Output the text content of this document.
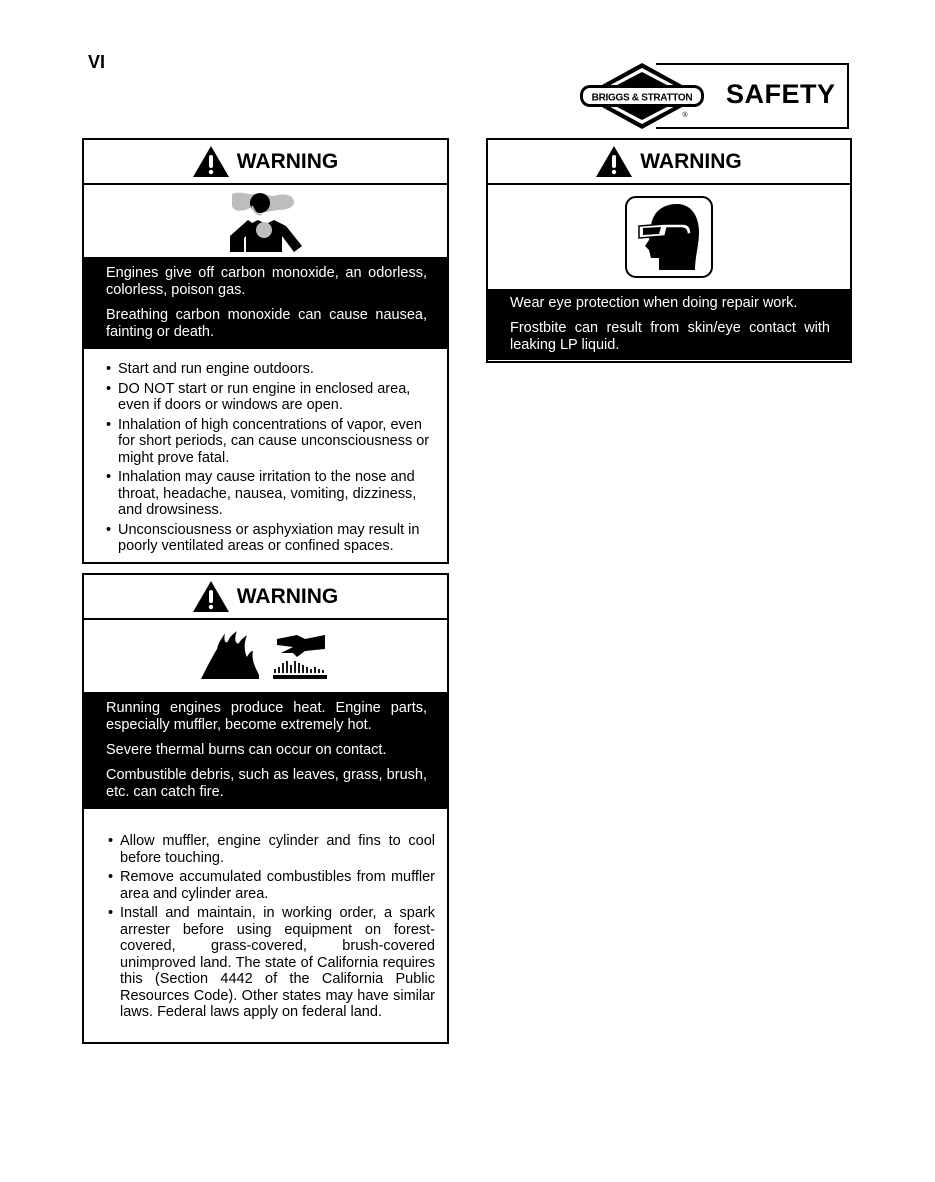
VI
BRIGGS & STRATTON
®
SAFETY
WARNING

Engines give off carbon monoxide, an odorless, colorless, poison gas.

Breathing carbon monoxide can cause nausea, fainting or death.

• Start and run engine outdoors.
• DO NOT start or run engine in enclosed area, even if doors or windows are open.
• Inhalation of high concentrations of vapor, even for short periods, can cause unconsciousness or might prove fatal.
• Inhalation may cause irritation to the nose and throat, headache, nausea, vomiting, dizziness, and drowsiness.
• Unconsciousness or asphyxiation may result in poorly ventilated areas or confined spaces.
WARNING

Running engines produce heat. Engine parts, especially muffler, become extremely hot.

Severe thermal burns can occur on contact.

Combustible debris, such as leaves, grass, brush, etc. can catch fire.

• Allow muffler, engine cylinder and fins to cool before touching.
• Remove accumulated combustibles from muffler area and cylinder area.
• Install and maintain, in working order, a spark arrester before using equipment on forest-covered, grass-covered, brush-covered unimproved land. The state of California requires this (Section 4442 of the California Public Resources Code). Other states may have similar laws. Federal laws apply on federal land.
WARNING

Wear eye protection when doing repair work.

Frostbite can result from skin/eye contact with leaking LP liquid.
